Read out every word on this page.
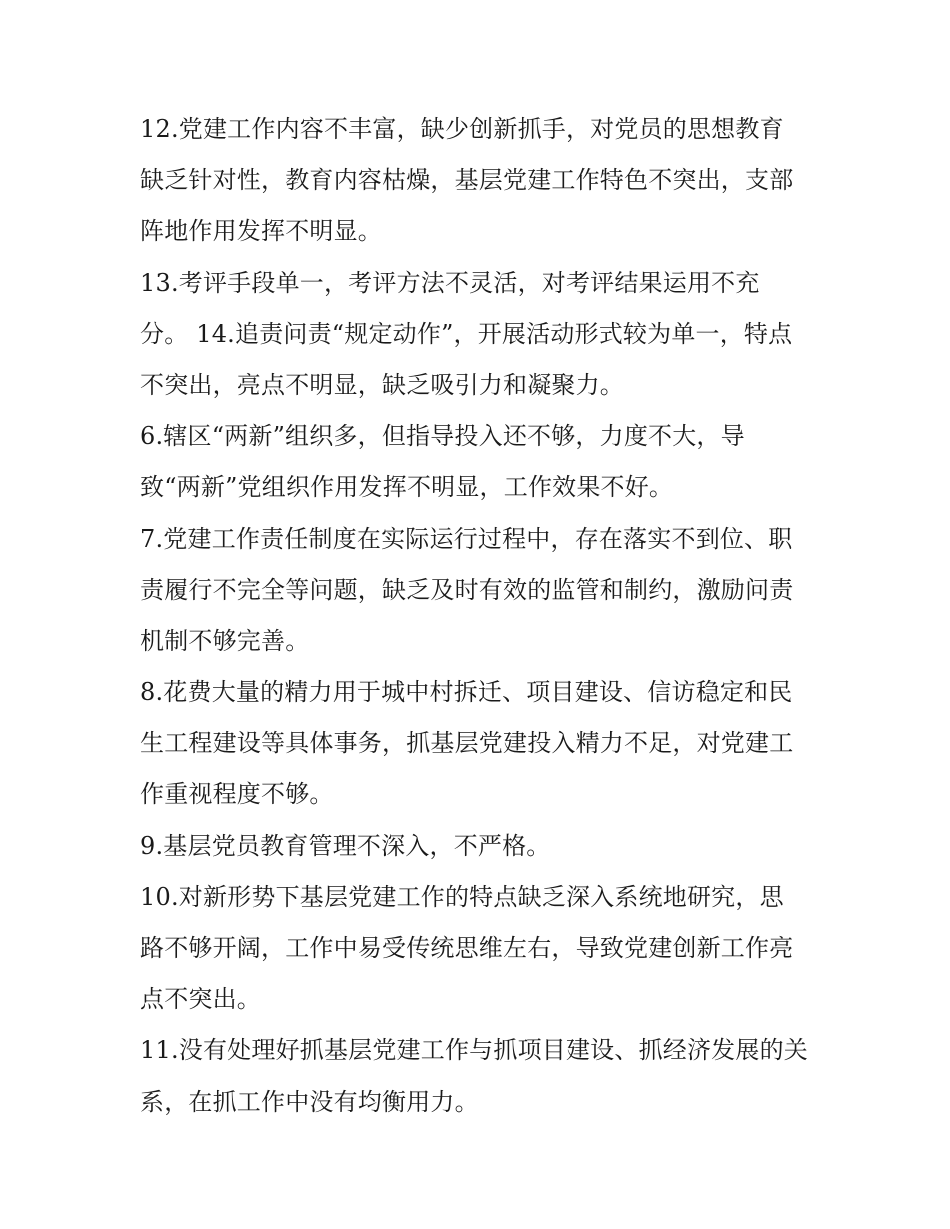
12.党建工作内容不丰富，缺少创新抓手，对党员的思想教育
缺乏针对性，教育内容枯燥，基层党建工作特色不突出，支部
阵地作用发挥不明显。
13.考评手段单一，考评方法不灵活，对考评结果运用不充
分。 14.追责问责“规定动作”，开展活动形式较为单一，特点
不突出，亮点不明显，缺乏吸引力和凝聚力。
6.辖区“两新”组织多，但指导投入还不够，力度不大，导
致“两新”党组织作用发挥不明显，工作效果不好。
7.党建工作责任制度在实际运行过程中，存在落实不到位、职
责履行不完全等问题，缺乏及时有效的监管和制约，激励问责
机制不够完善。
8.花费大量的精力用于城中村拆迁、项目建设、信访稳定和民
生工程建设等具体事务，抓基层党建投入精力不足，对党建工
作重视程度不够。
9.基层党员教育管理不深入，不严格。
10.对新形势下基层党建工作的特点缺乏深入系统地研究，思
路不够开阔，工作中易受传统思维左右，导致党建创新工作亮
点不突出。
11.没有处理好抓基层党建工作与抓项目建设、抓经济发展的关
系，在抓工作中没有均衡用力。
